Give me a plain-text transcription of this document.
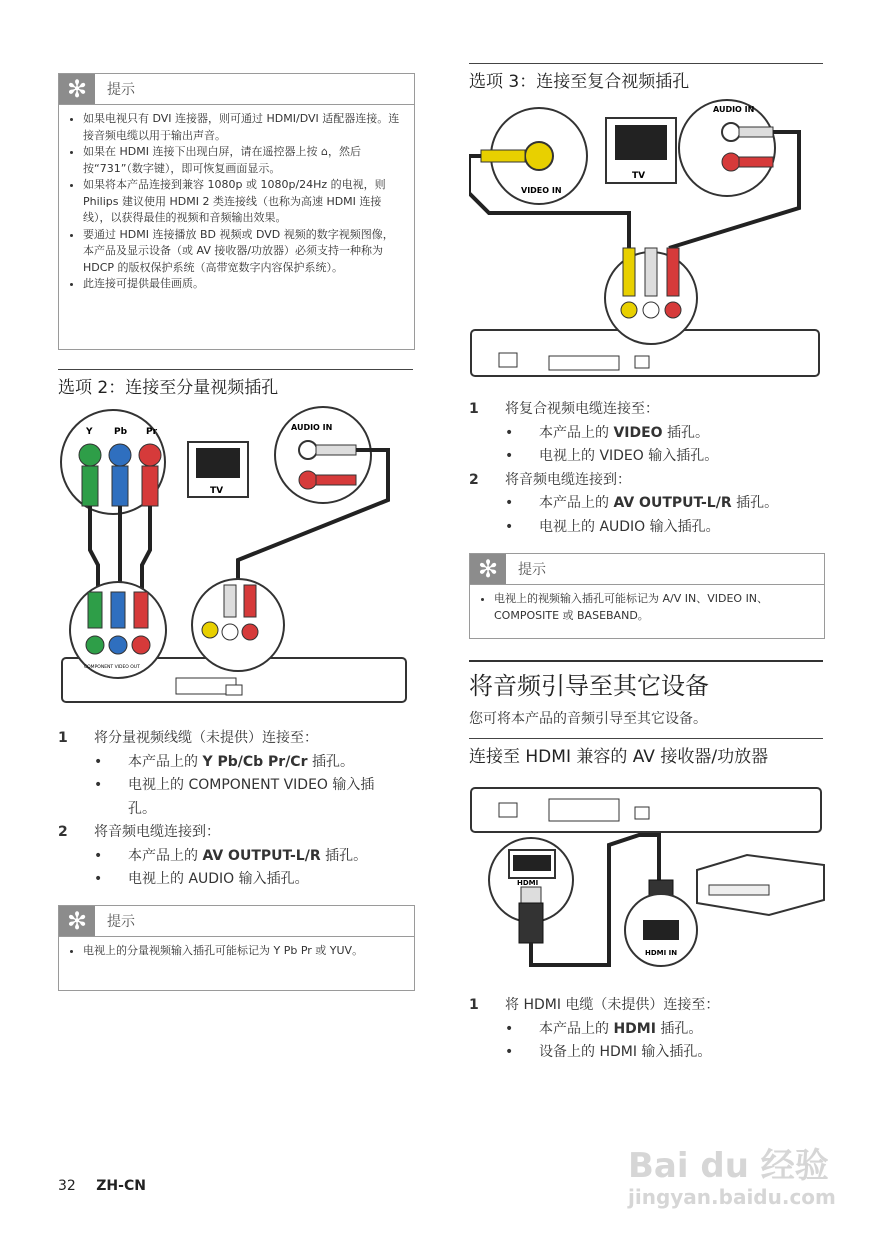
✻	提示
• 如果电视只有 DVI 连接器，则可通过 HDMI/DVI 适配器连接。连接音频电缆以用于输出声音。
• 如果在 HDMI 连接下出现白屏，请在遥控器上按 ⌂，然后按“731”（数字键），即可恢复画面显示。
• 如果将本产品连接到兼容 1080p 或 1080p/24Hz 的电视，则 Philips 建议使用 HDMI 2 类连接线（也称为高速 HDMI 连接线），以获得最佳的视频和音频输出效果。
• 要通过 HDMI 连接播放 BD 视频或 DVD 视频的数字视频图像，本产品及显示设备（或 AV 接收器/功放器）必须支持一种称为 HDCP 的版权保护系统（高带宽数字内容保护系统）。
• 此连接可提供最佳画质。
选项 2：连接至分量视频插孔
Y Pb Pr
TV
AUDIO IN
COMPONENT VIDEO OUT
1	将分量视频线缆（未提供）连接至：
•	本产品上的 Y Pb/Cb Pr/Cr 插孔。
•	电视上的 COMPONENT VIDEO 输入插孔。
2	将音频电缆连接到：
•	本产品上的 AV OUTPUT-L/R 插孔。
•	电视上的 AUDIO 输入插孔。
✻	提示
• 电视上的分量视频输入插孔可能标记为 Y Pb Pr 或 YUV。
选项 3：连接至复合视频插孔
VIDEO IN
TV
AUDIO IN
1	将复合视频电缆连接至：
•	本产品上的 VIDEO 插孔。
•	电视上的 VIDEO 输入插孔。
2	将音频电缆连接到：
•	本产品上的 AV OUTPUT-L/R 插孔。
•	电视上的 AUDIO 输入插孔。
✻	提示
• 电视上的视频输入插孔可能标记为 A/V IN、VIDEO IN、COMPOSITE 或 BASEBAND。
将音频引导至其它设备
您可将本产品的音频引导至其它设备。
连接至 HDMI 兼容的 AV 接收器/功放器
HDMI
HDMI IN
1	将 HDMI 电缆（未提供）连接至：
•	本产品上的 HDMI 插孔。
•	设备上的 HDMI 输入插孔。
32 ZH-CN	Bai du 经验
jingyan.baidu.com
